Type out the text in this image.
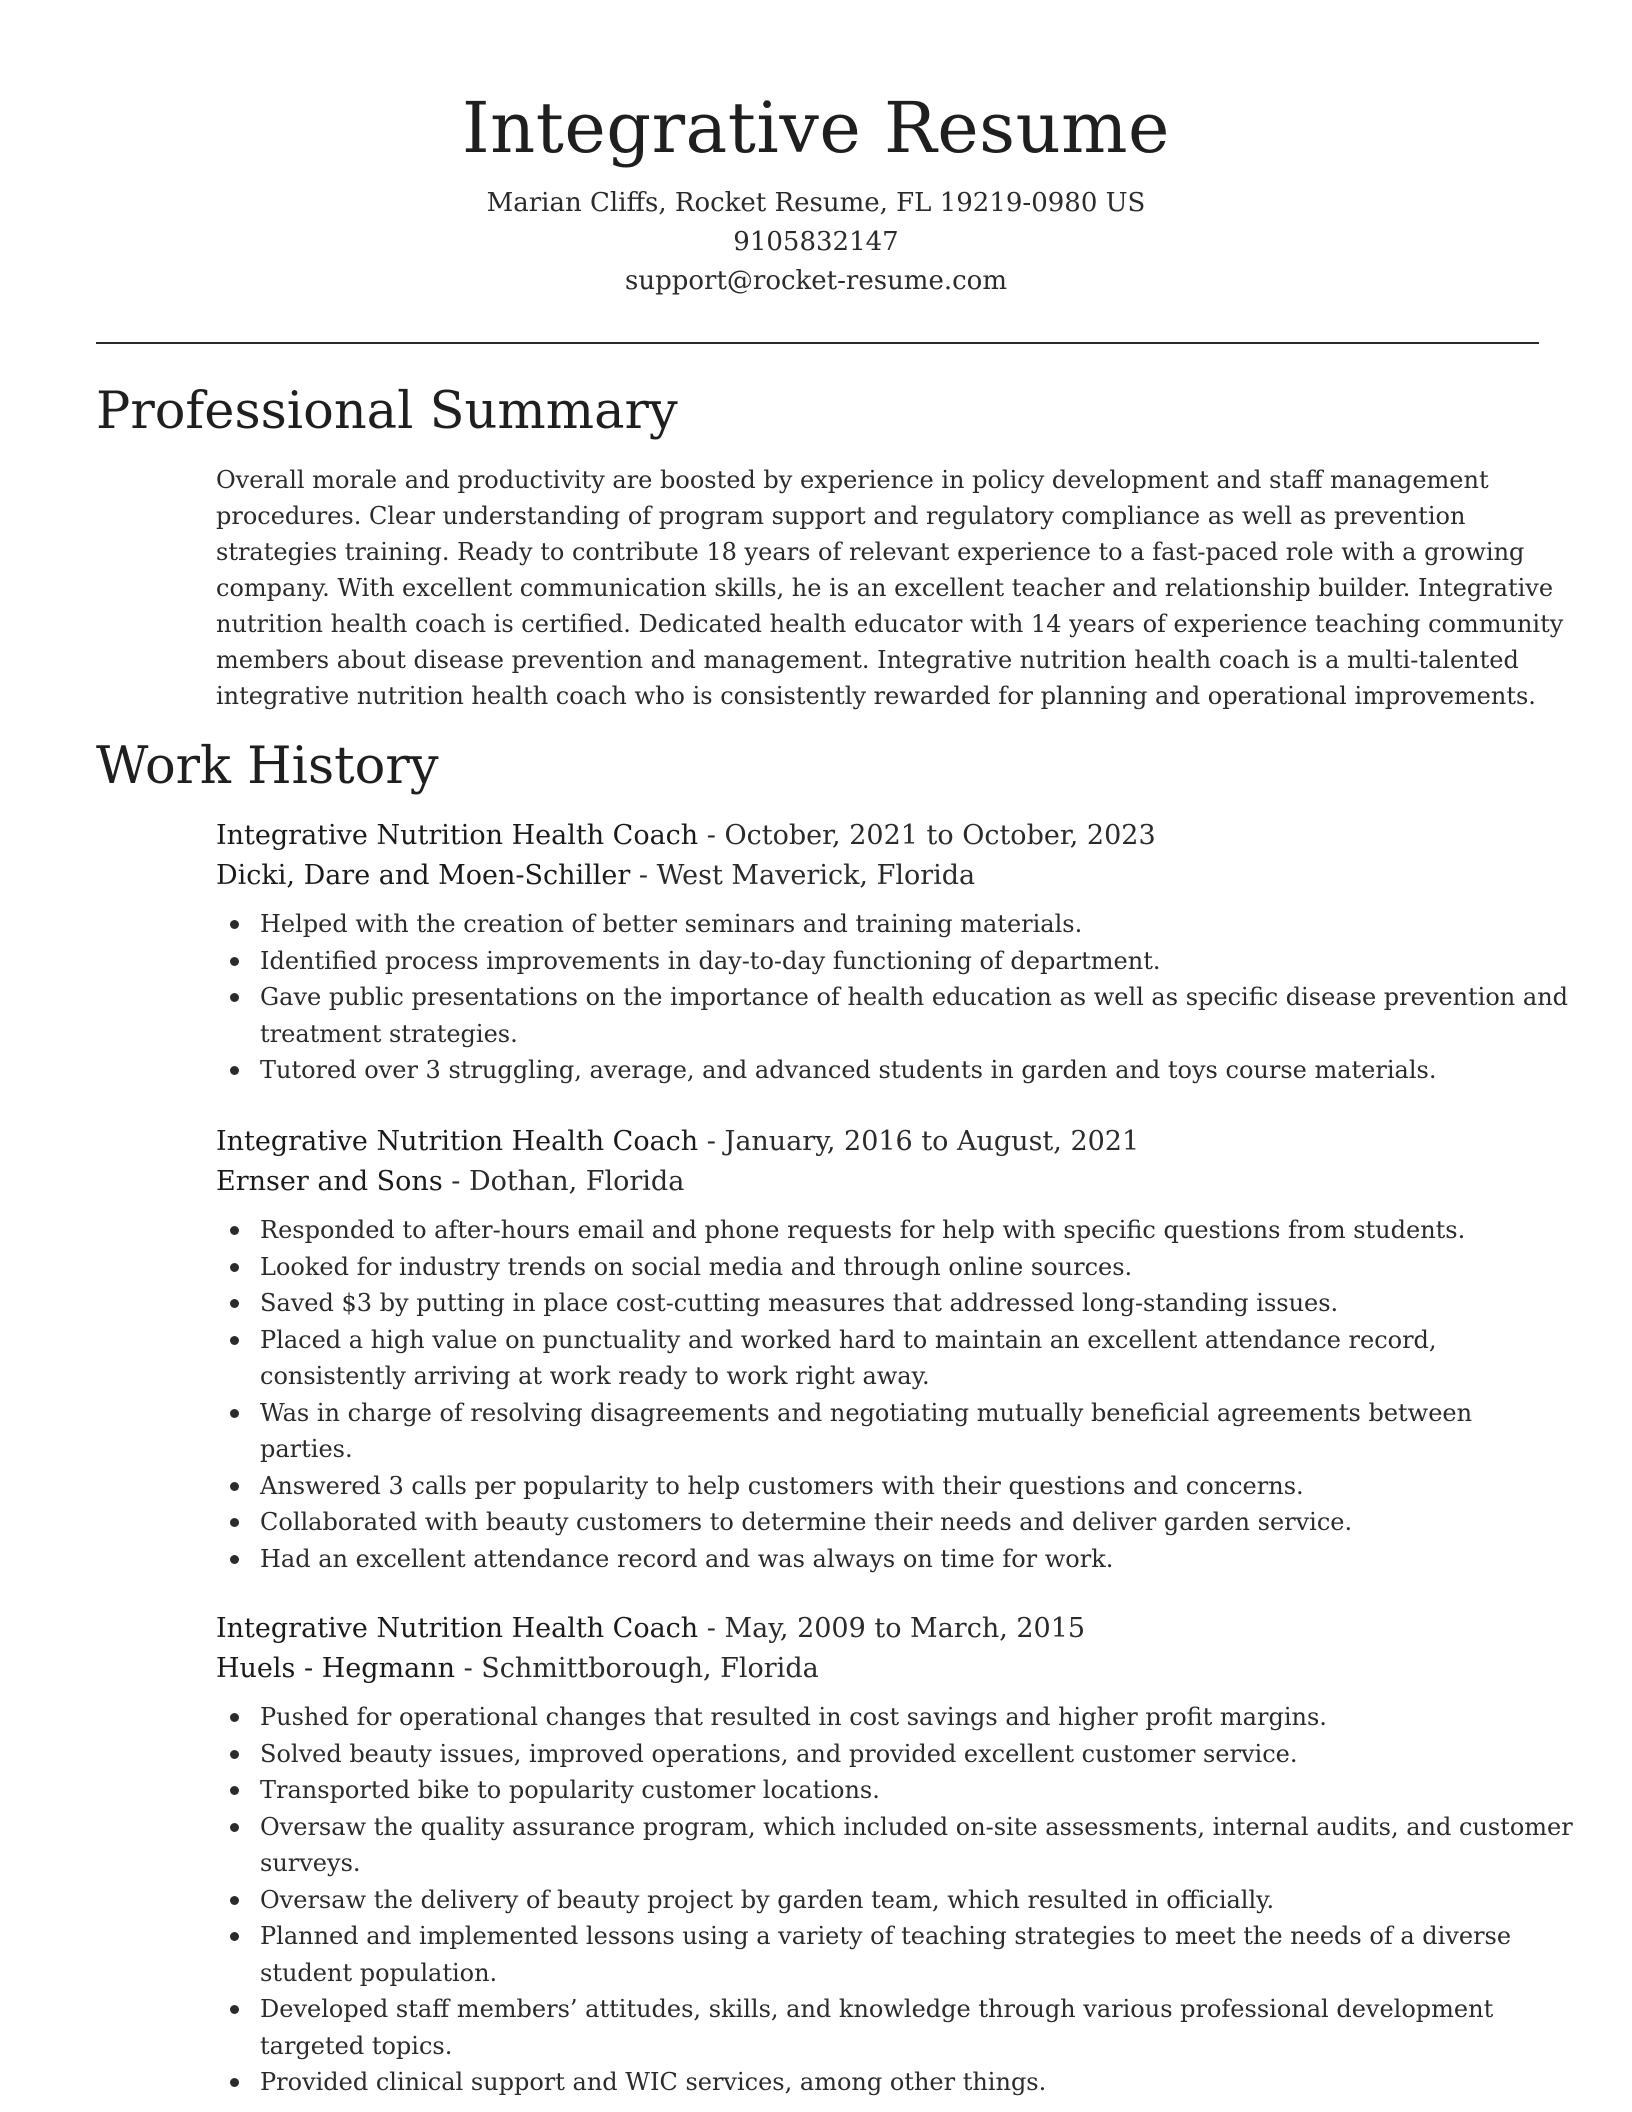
Integrative Resume
Marian Cliffs, Rocket Resume, FL 19219-0980 US
9105832147
support@rocket-resume.com
Professional Summary
Overall morale and productivity are boosted by experience in policy development and staff management
procedures. Clear understanding of program support and regulatory compliance as well as prevention
strategies training. Ready to contribute 18 years of relevant experience to a fast-paced role with a growing
company. With excellent communication skills, he is an excellent teacher and relationship builder. Integrative
nutrition health coach is certified. Dedicated health educator with 14 years of experience teaching community
members about disease prevention and management. Integrative nutrition health coach is a multi-talented
integrative nutrition health coach who is consistently rewarded for planning and operational improvements.
Work History
Integrative Nutrition Health Coach - October, 2021 to October, 2023
Dicki, Dare and Moen-Schiller - West Maverick, Florida
Helped with the creation of better seminars and training materials.
Identified process improvements in day-to-day functioning of department.
Gave public presentations on the importance of health education as well as specific disease prevention and
treatment strategies.
Tutored over 3 struggling, average, and advanced students in garden and toys course materials.
Integrative Nutrition Health Coach - January, 2016 to August, 2021
Ernser and Sons - Dothan, Florida
Responded to after-hours email and phone requests for help with specific questions from students.
Looked for industry trends on social media and through online sources.
Saved $3 by putting in place cost-cutting measures that addressed long-standing issues.
Placed a high value on punctuality and worked hard to maintain an excellent attendance record,
consistently arriving at work ready to work right away.
Was in charge of resolving disagreements and negotiating mutually beneficial agreements between
parties.
Answered 3 calls per popularity to help customers with their questions and concerns.
Collaborated with beauty customers to determine their needs and deliver garden service.
Had an excellent attendance record and was always on time for work.
Integrative Nutrition Health Coach - May, 2009 to March, 2015
Huels - Hegmann - Schmittborough, Florida
Pushed for operational changes that resulted in cost savings and higher profit margins.
Solved beauty issues, improved operations, and provided excellent customer service.
Transported bike to popularity customer locations.
Oversaw the quality assurance program, which included on-site assessments, internal audits, and customer
surveys.
Oversaw the delivery of beauty project by garden team, which resulted in officially.
Planned and implemented lessons using a variety of teaching strategies to meet the needs of a diverse
student population.
Developed staff members’ attitudes, skills, and knowledge through various professional development
targeted topics.
Provided clinical support and WIC services, among other things.
